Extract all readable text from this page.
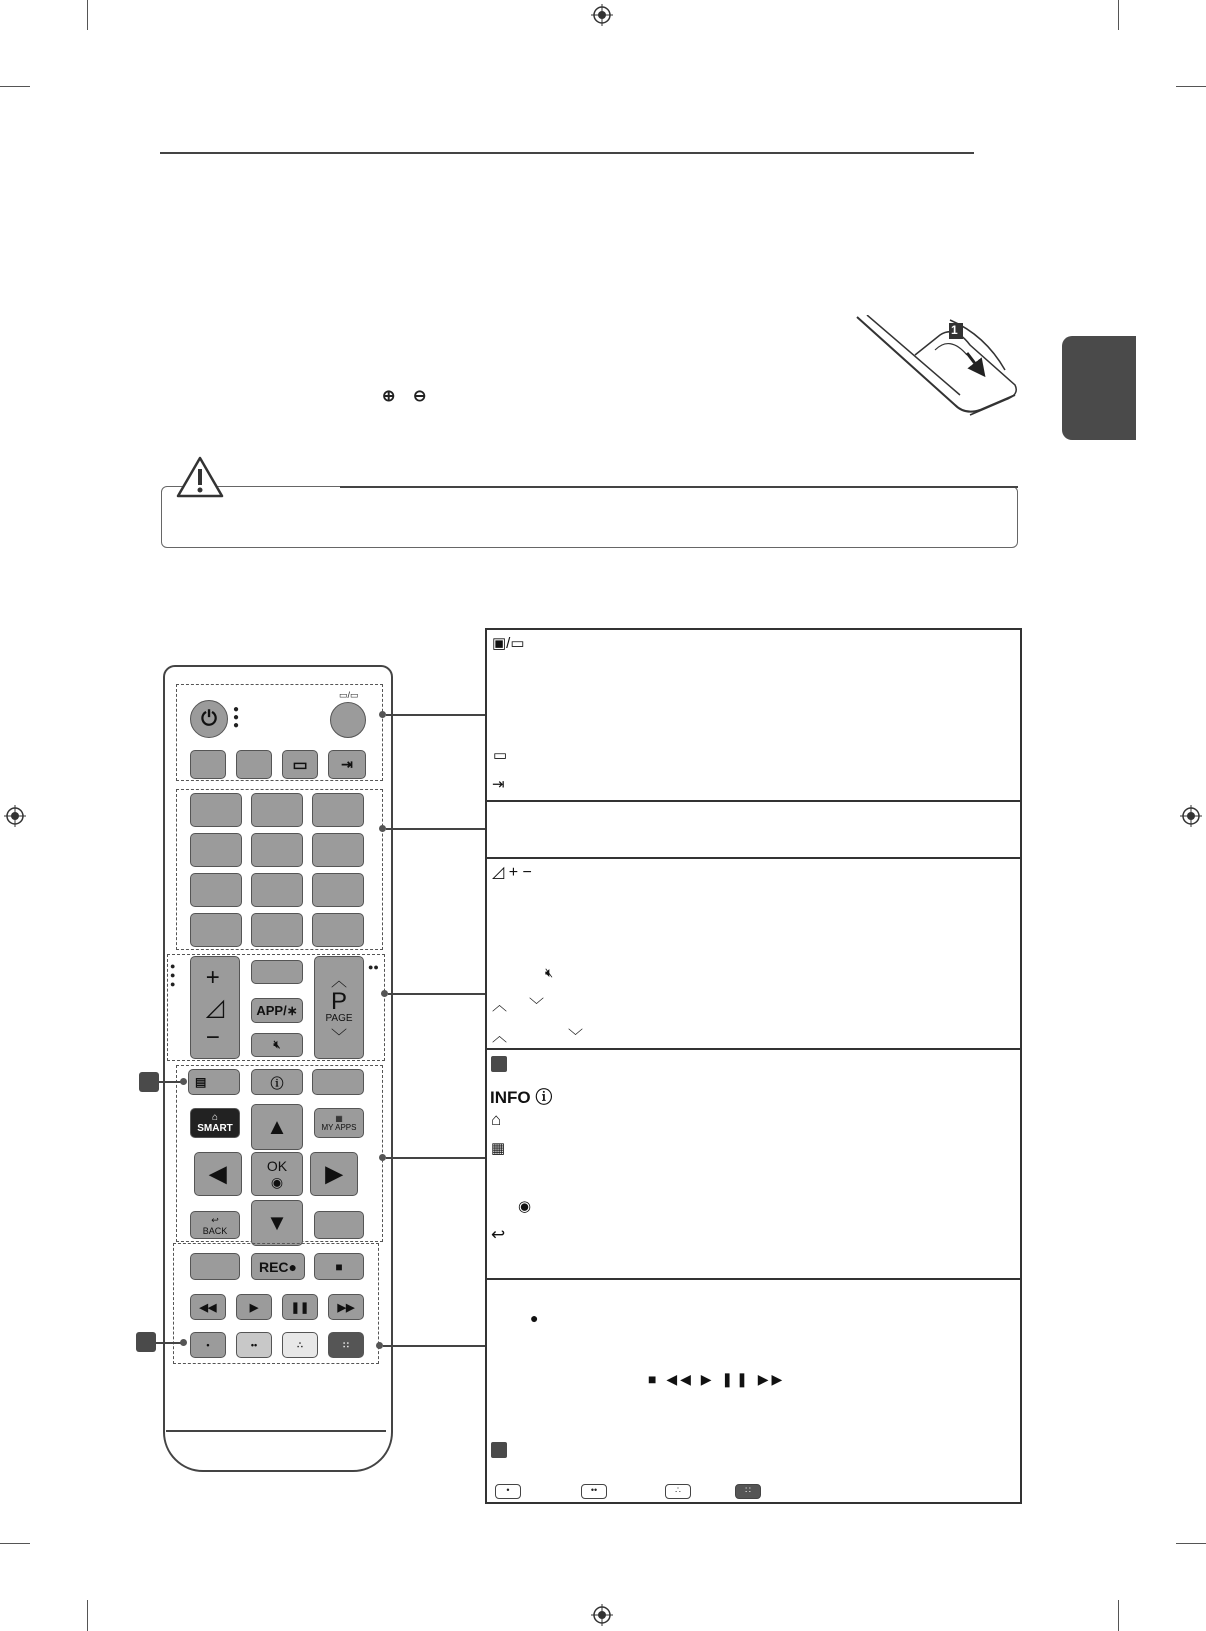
⊕ ⊖
1
⏻	●
●
●
▭/▭
▭	⇥
●
●
●
●●
+
◿
−
APP/∗
🔇︎
︿
P
PAGE
﹀
▤	ⓘ
⌂
SMART	▲	▦
MY APPS
◀	OK
◉	▶
↩
BACK	▼
REC●	■
◀◀	▶	❚❚	▶▶
•	••	∴	∷
▣/▭
▭
⇥
◿ + −
🔇︎
︿ ﹀
︿	﹀
INFO ⓘ
⌂
▦
◉
↩
●
■ ◀◀ ▶ ❚❚ ▶▶
•	••	∴	∷
